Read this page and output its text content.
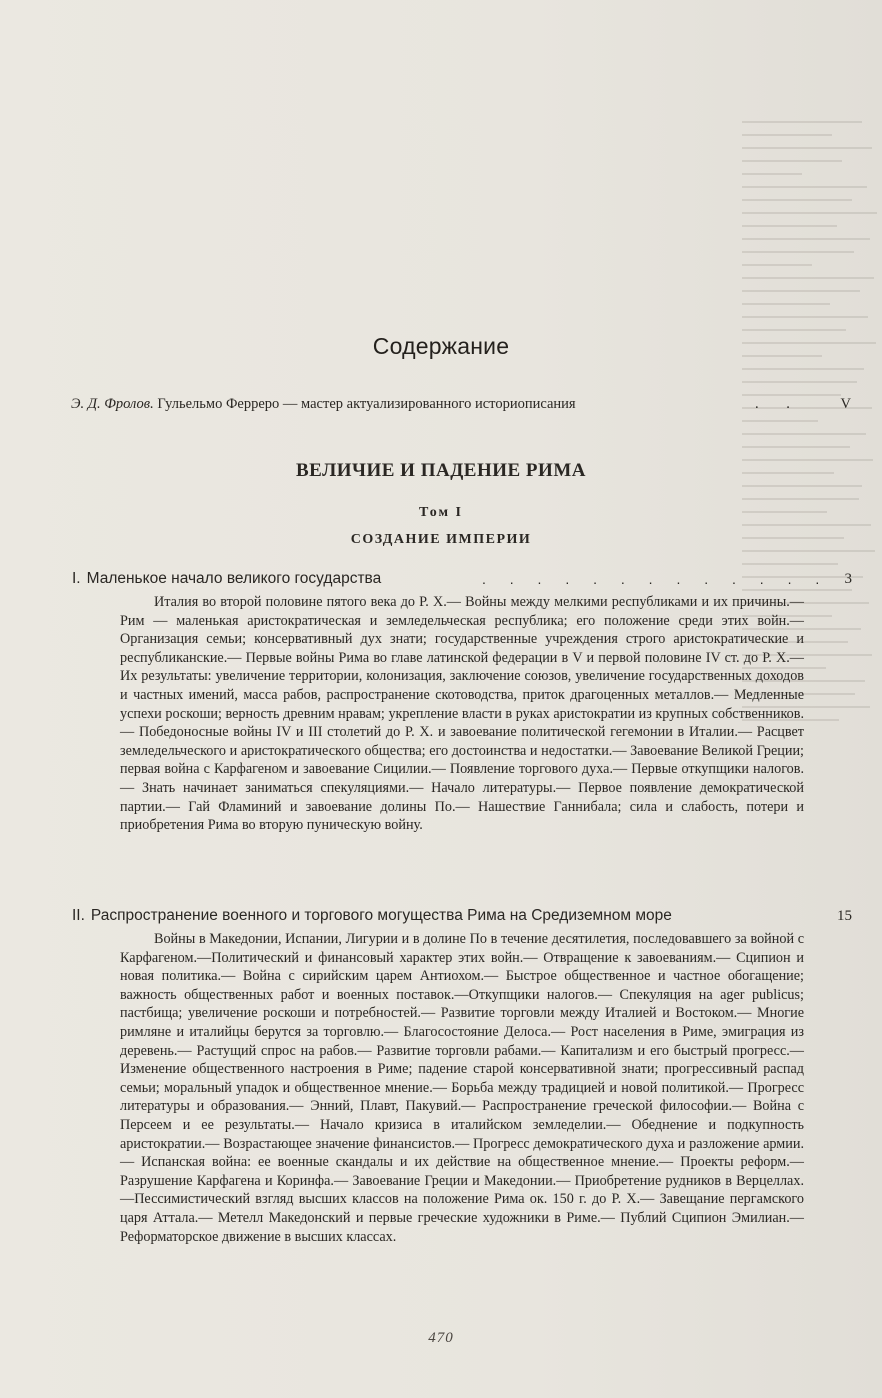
Содержание
Э. Д. Фролов. Гульельмо Ферреро — мастер актуализированного историописания	. .	V
ВЕЛИЧИЕ И ПАДЕНИЕ РИМА
Том I
СОЗДАНИЕ ИМПЕРИИ
I. Маленькое начало великого государства	. . . . . . . . . . . . . 3
Италия во второй половине пятого века до Р. Х.— Войны между мелкими республиками и их причины.— Рим — маленькая аристократическая и земледельческая республика; его положение среди этих войн.— Организация семьи; консервативный дух знати; государственные учреждения строго аристократические и республиканские.— Первые войны Рима во главе латинской федерации в V и первой половине IV ст. до Р. Х.— Их результаты: увеличение территории, колонизация, заключение союзов, увеличение государственных доходов и частных имений, масса рабов, распространение скотоводства, приток драгоценных металлов.— Медленные успехи роскоши; верность древним нравам; укрепление власти в руках аристократии из крупных собственников.— Победоносные войны IV и III столетий до Р. Х. и завоевание политической гегемонии в Италии.— Расцвет земледельческого и аристократического общества; его достоинства и недостатки.— Завоевание Великой Греции; первая война с Карфагеном и завоевание Сицилии.— Появление торгового духа.— Первые откупщики налогов.— Знать начинает заниматься спекуляциями.— Начало литературы.— Первое появление демократической партии.— Гай Фламиний и завоевание долины По.— Нашествие Ганнибала; сила и слабость, потери и приобретения Рима во вторую пуническую войну.
II. Распространение военного и торгового могущества Рима на Средиземном море	15
Войны в Македонии, Испании, Лигурии и в долине По в течение десятилетия, последовавшего за войной с Карфагеном.—Политический и финансовый характер этих войн.— Отвращение к завоеваниям.— Сципион и новая политика.— Война с сирийским царем Антиохом.— Быстрое общественное и частное обогащение; важность общественных работ и военных поставок.—Откупщики налогов.— Спекуляция на ager publicus; пастбища; увеличение роскоши и потребностей.— Развитие торговли между Италией и Востоком.— Многие римляне и италийцы берутся за торговлю.— Благосостояние Делоса.— Рост населения в Риме, эмиграция из деревень.— Растущий спрос на рабов.— Развитие торговли рабами.— Капитализм и его быстрый прогресс.— Изменение общественного настроения в Риме; падение старой консервативной знати; прогрессивный распад семьи; моральный упадок и общественное мнение.— Борьба между традицией и новой политикой.— Прогресс литературы и образования.— Энний, Плавт, Пакувий.— Распространение греческой философии.— Война с Персеем и ее результаты.— Начало кризиса в италийском земледелии.— Обеднение и подкупность аристократии.— Возрастающее значение финансистов.— Прогресс демократического духа и разложение армии.— Испанская война: ее военные скандалы и их действие на общественное мнение.— Проекты реформ.— Разрушение Карфагена и Коринфа.— Завоевание Греции и Македонии.— Приобретение рудников в Верцеллах.—Пессимистический взгляд высших классов на положение Рима ок. 150 г. до Р. Х.— Завещание пергамского царя Аттала.— Метелл Македонский и первые греческие художники в Риме.— Публий Сципион Эмилиан.— Реформаторское движение в высших классах.
470
